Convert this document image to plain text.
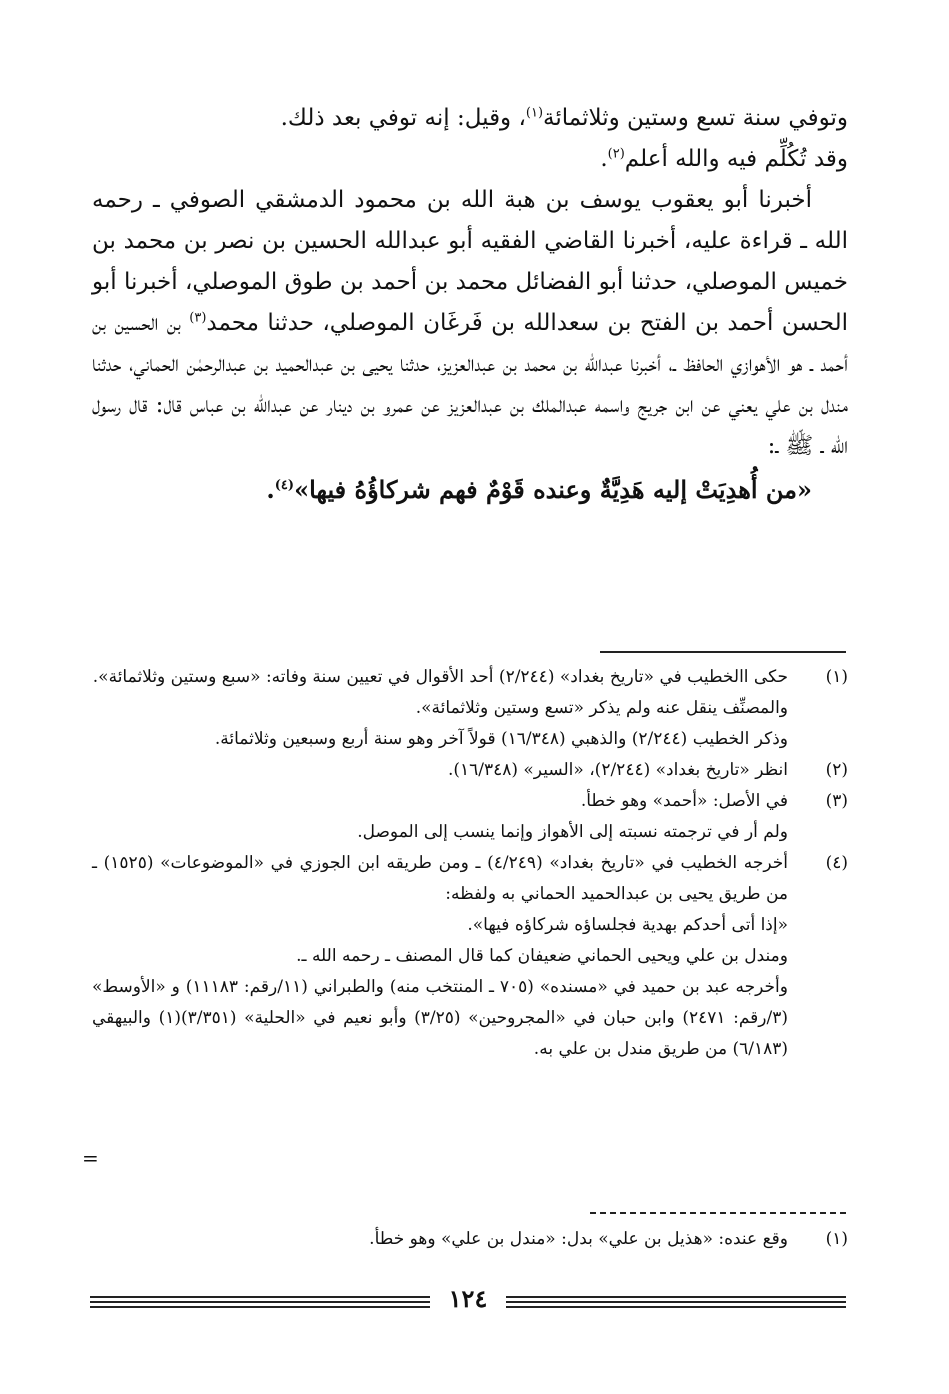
وتوفي سنة تسع وستين وثلاثمائة$^{(١)}$، وقيل: إنه توفي بعد ذلك.

وقد تُكُلِّم فيه والله أعلم$^{(٢)}$.

أخبرنا أبو يعقوب يوسف بن هبة الله بن محمود الدمشقي الصوفي ـ رحمه الله ـ قراءة عليه، أخبرنا القاضي الفقيه أبو عبدالله الحسين بن نصر بن محمد بن خميس الموصلي، حدثنا أبو الفضائل محمد بن أحمد بن طوق الموصلي، أخبرنا أبو الحسن أحمد بن الفتح بن سعدالله بن فَرغَان الموصلي، حدثنا محمد$^{(٣)}$ بن الحسين بن أحمد ـ هو الأهوازي الحافظ ـ، أخبرنا عبدالله بن محمد بن عبدالعزيز، حدثنا يحيى بن عبدالحميد بن عبدالرحمٰن الحماني، حدثنا مندل بن علي يعني عن ابن جريج واسمه عبدالملك بن عبدالعزيز عن عمرو بن دينار عن عبدالله بن عباس قال: قال رسول الله ـ ﷺ ـ:

«من أُهدِيَتْ إليه هَدِيَّةٌ وعنده قَوْمٌ فهم شركاؤُهُ فيها»$^{(٤)}$.

(١)
حكى االخطيب في «تاريخ بغداد» (٢/٢٤٤) أحد الأقوال في تعيين سنة وفاته: «سبع وستين وثلاثمائة».
والمصنِّف ينقل عنه ولم يذكر «تسع وستين وثلاثمائة».
وذكر الخطيب (٢/٢٤٤) والذهبي (١٦/٣٤٨) قولاً آخر وهو سنة أربع وسبعين وثلاثمائة.
(٢)
انظر «تاريخ بغداد» (٢/٢٤٤)، «السير» (١٦/٣٤٨).
(٣)
في الأصل: «أحمد» وهو خطأ.
ولم أر في ترجمته نسبته إلى الأهواز وإنما ينسب إلى الموصل.
(٤)
أخرجه الخطيب في «تاريخ بغداد» (٤/٢٤٩) ـ ومن طريقه ابن الجوزي في «الموضوعات» (١٥٢٥) ـ من طريق يحيى بن عبدالحميد الحماني به ولفظه:
«إذا أتى أحدكم بهدية فجلساؤه شركاؤه فيها».
ومندل بن علي ويحيى الحماني ضعيفان كما قال المصنف ـ رحمه الله ـ.
وأخرجه عبد بن حميد في «مسنده» (٧٠٥ ـ المنتخب منه) والطبراني (١١/رقم: ١١١٨٣) و «الأوسط» (٣/رقم: ٢٤٧١) وابن حبان في «المجروحين» (٣/٢٥) وأبو نعيم في «الحلية» (٣/٣٥١)(١) والبيهقي (٦/١٨٣) من طريق مندل بن علي به.
=
(١)
وقع عنده: «هذيل بن علي» بدل: «مندل بن علي» وهو خطأ.
١٢٤
